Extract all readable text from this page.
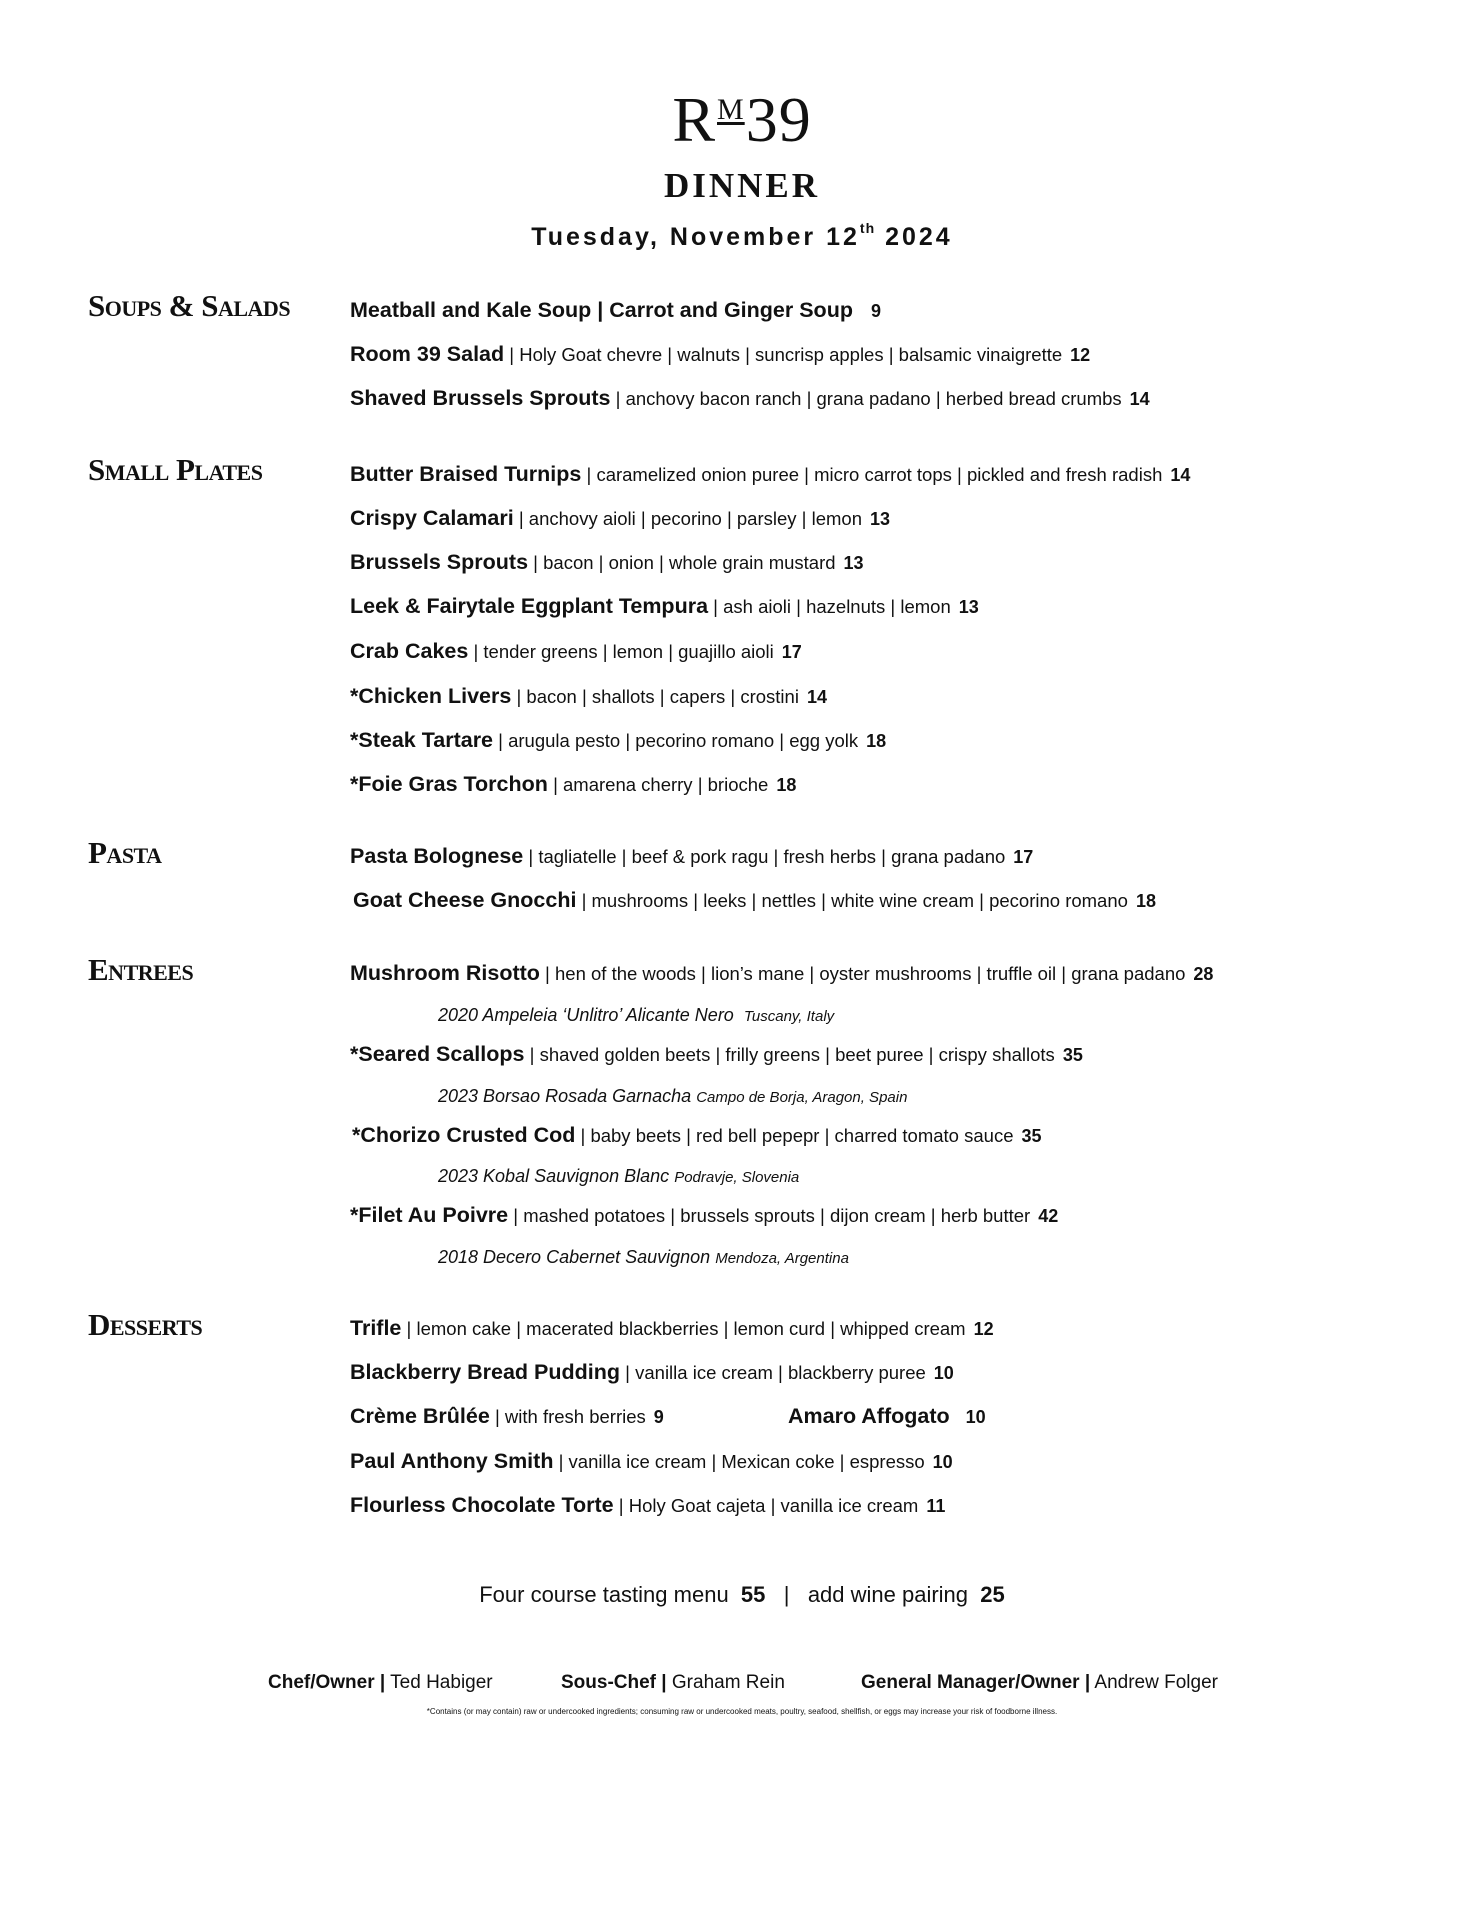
$R^M39$
DINNER
Tuesday, November 12th 2024
Soups & Salads	Meatball and Kale Soup | Carrot and Ginger Soup 9
Room 39 Salad | Holy Goat chevre | walnuts | suncrisp apples | balsamic vinaigrette 12
Shaved Brussels Sprouts | anchovy bacon ranch | grana padano | herbed bread crumbs 14
Small Plates	Butter Braised Turnips | caramelized onion puree | micro carrot tops | pickled and fresh radish 14
Crispy Calamari | anchovy aioli | pecorino | parsley | lemon 13
Brussels Sprouts | bacon | onion | whole grain mustard 13
Leek & Fairytale Eggplant Tempura | ash aioli | hazelnuts | lemon 13
Crab Cakes | tender greens | lemon | guajillo aioli 17
*Chicken Livers | bacon | shallots | capers | crostini 14
*Steak Tartare | arugula pesto | pecorino romano | egg yolk 18
*Foie Gras Torchon | amarena cherry | brioche 18
Pasta	Pasta Bolognese | tagliatelle | beef & pork ragu | fresh herbs | grana padano 17
Goat Cheese Gnocchi | mushrooms | leeks | nettles | white wine cream | pecorino romano 18
Entrees	Mushroom Risotto | hen of the woods | lion’s mane | oyster mushrooms | truffle oil | grana padano 28
2020 Ampeleia ‘Unlitro’ Alicante Nero Tuscany, Italy
*Seared Scallops | shaved golden beets | frilly greens | beet puree | crispy shallots 35
2023 Borsao Rosada Garnacha Campo de Borja, Aragon, Spain
*Chorizo Crusted Cod | baby beets | red bell pepepr | charred tomato sauce 35
2023 Kobal Sauvignon Blanc Podravje, Slovenia
*Filet Au Poivre | mashed potatoes | brussels sprouts | dijon cream | herb butter 42
2018 Decero Cabernet Sauvignon Mendoza, Argentina
Desserts	Trifle | lemon cake | macerated blackberries | lemon curd | whipped cream 12
Blackberry Bread Pudding | vanilla ice cream | blackberry puree 10
Crème Brûlée | with fresh berries 9	Amaro Affogato 10
Paul Anthony Smith | vanilla ice cream | Mexican coke | espresso 10
Flourless Chocolate Torte | Holy Goat cajeta | vanilla ice cream 11
Four course tasting menu 55 | add wine pairing 25
Chef/Owner | Ted Habiger	Sous-Chef | Graham Rein	General Manager/Owner | Andrew Folger
*Contains (or may contain) raw or undercooked ingredients; consuming raw or undercooked meats, poultry, seafood, shellfish, or eggs may increase your risk of foodborne illness.
